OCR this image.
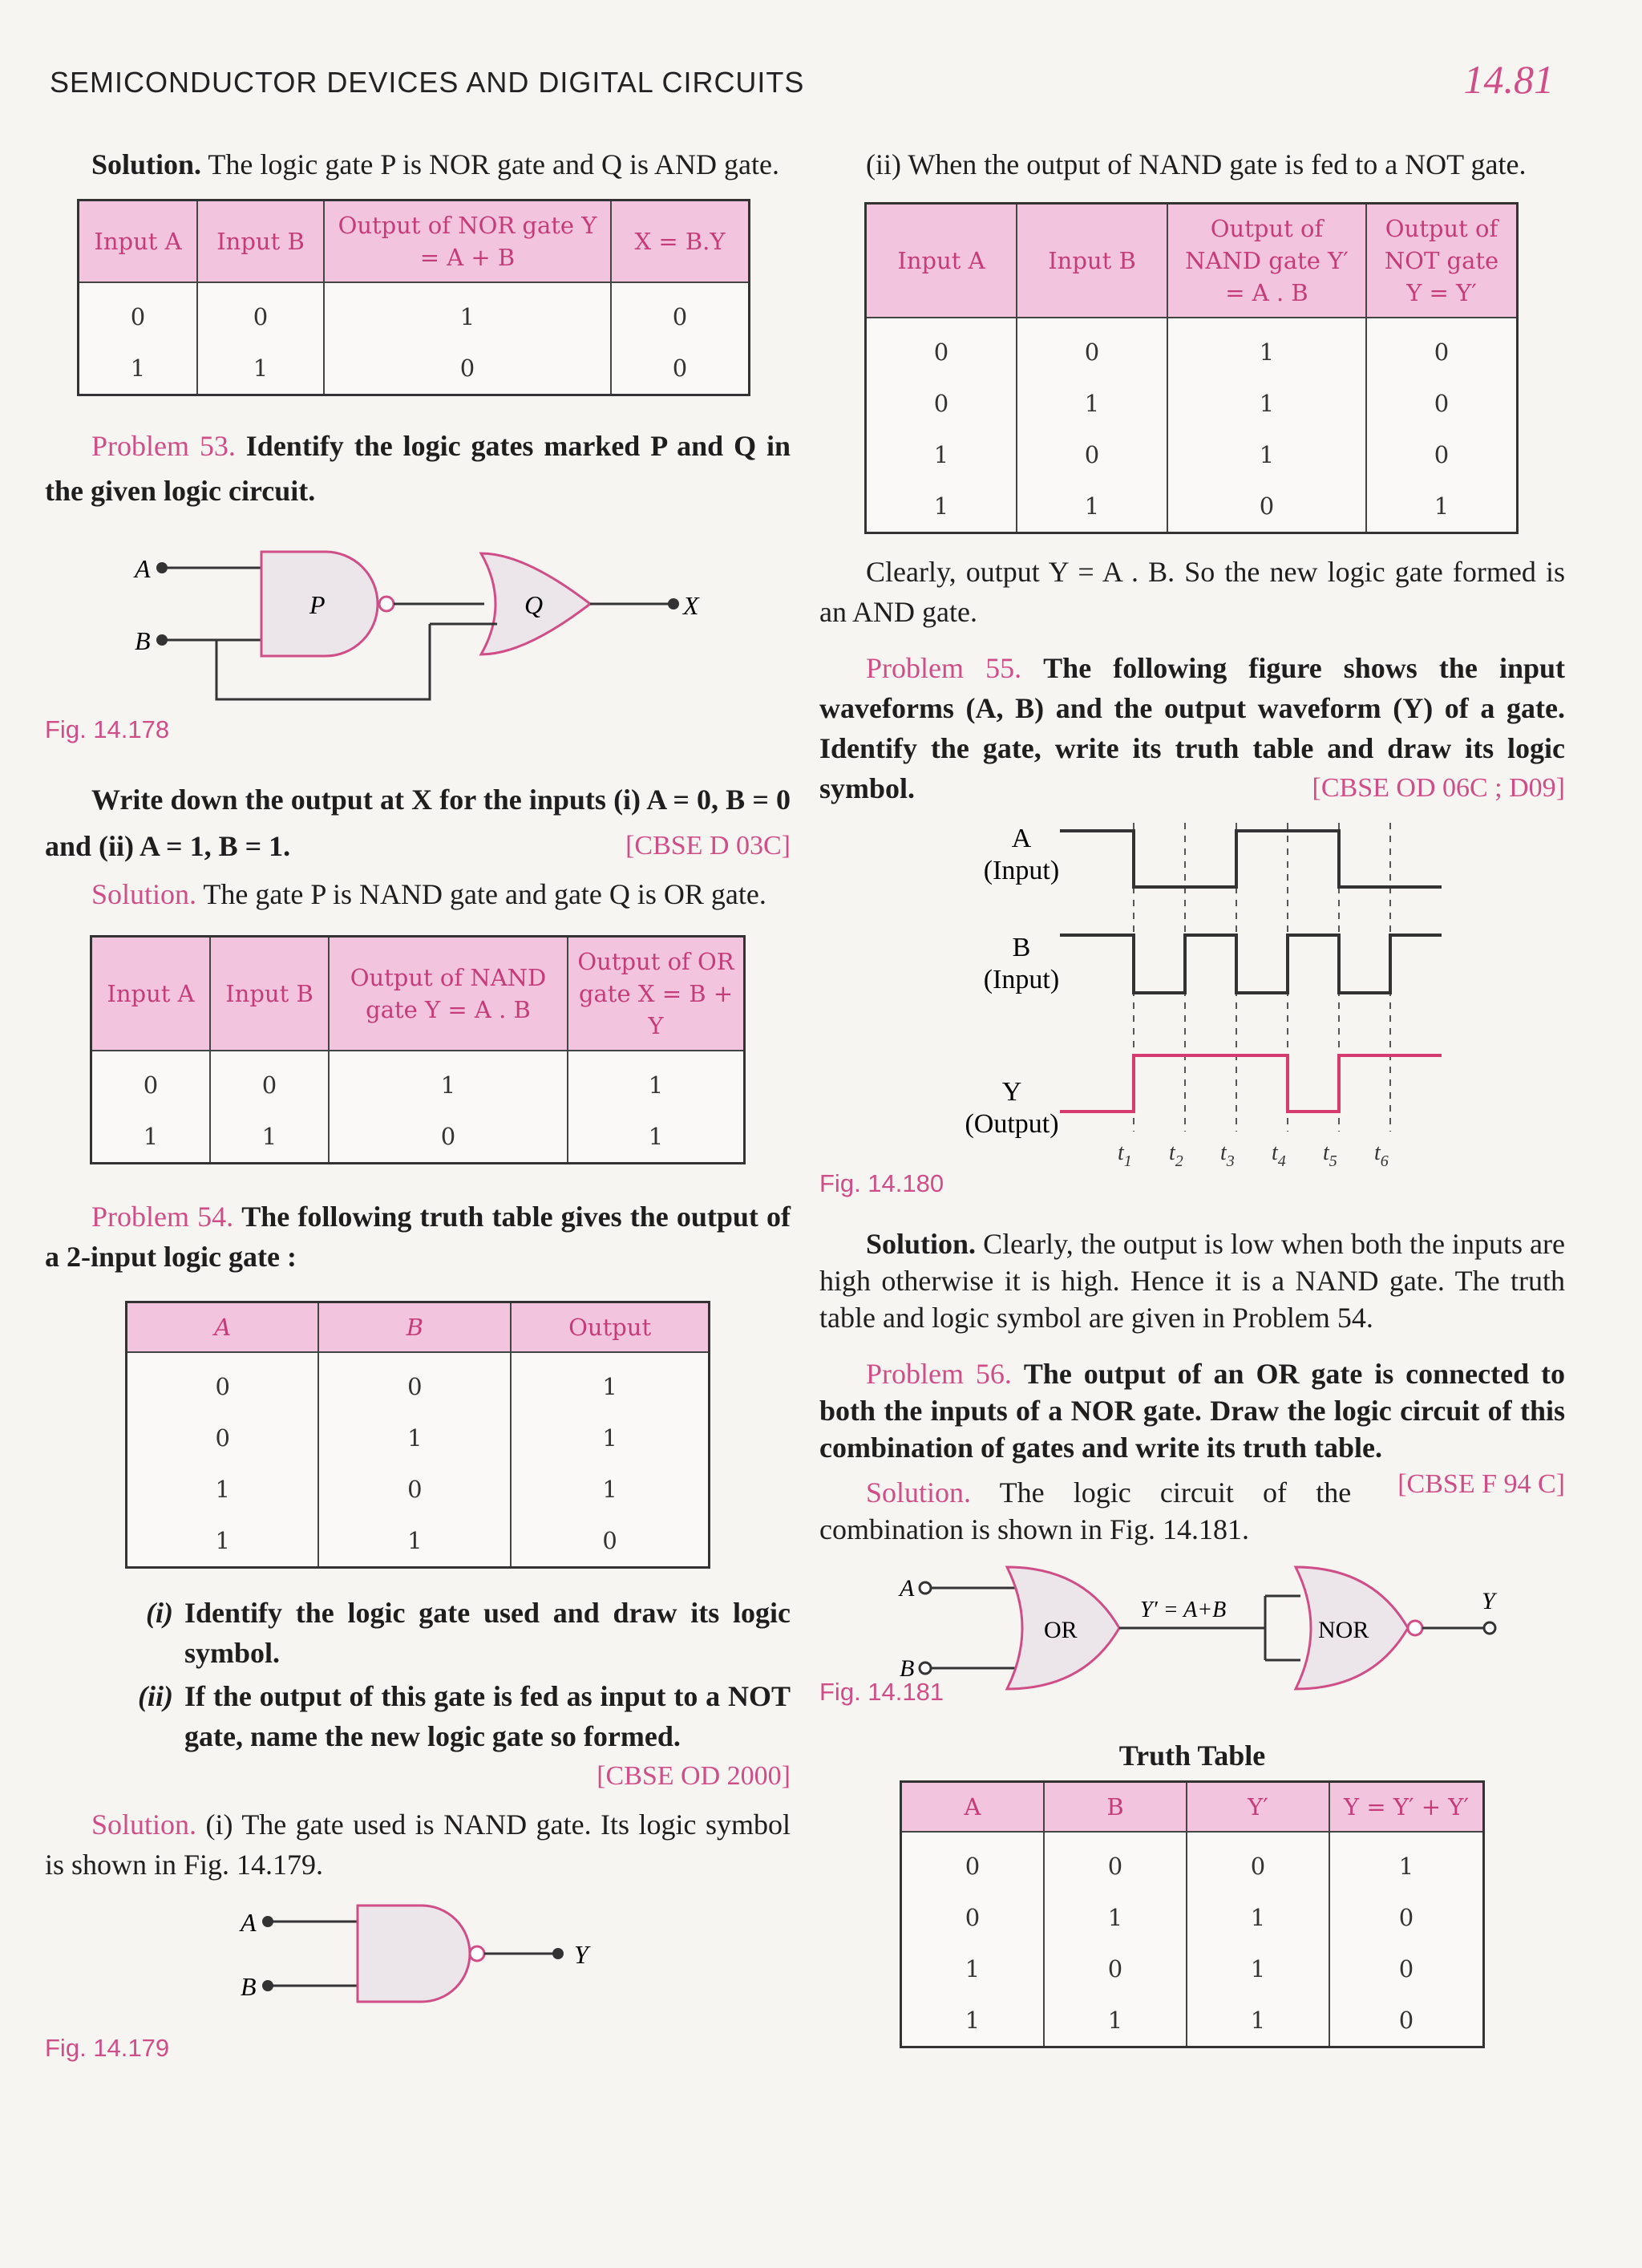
SEMICONDUCTOR DEVICES AND DIGITAL CIRCUITS	14.81

Solution. The logic gate P is NOR gate and Q is AND gate.

Input A	Input B	Output of NOR gate Y = A + B	X = B.Y
0	0	1	0
1	1	0	0

Problem 53. Identify the logic gates marked P and Q in the given logic circuit.

A
B
P	Q	X
Fig. 14.178

Write down the output at X for the inputs (i) A = 0, B = 0 and (ii) A = 1, B = 1.	[CBSE D 03C]

Solution. The gate P is NAND gate and gate Q is OR gate.

Input A	Input B	Output of NAND gate Y = A . B	Output of OR gate X = B + Y
0	0	1	1
1	1	0	1

Problem 54. The following truth table gives the output of a 2-input logic gate :

A	B	Output
0	0	1
0	1	1
1	0	1
1	1	0
(i) Identify the logic gate used and draw its logic symbol.
(ii) If the output of this gate is fed as input to a NOT gate, name the new logic gate so formed.
[CBSE OD 2000]

Solution. (i) The gate used is NAND gate. Its logic symbol is shown in Fig. 14.179.

A
B
Y
Fig. 14.179

(ii) When the output of NAND gate is fed to a NOT gate.

Input A	Input B	Output of NAND gate Y′ = A . B	Output of NOT gate Y = Y′
0	0	1	0
0	1	1	0
1	0	1	0
1	1	0	1

Clearly, output Y = A . B. So the new logic gate formed is an AND gate.

Problem 55. The following figure shows the input waveforms (A, B) and the output waveform (Y) of a gate. Identify the gate, write its truth table and draw its logic symbol.	[CBSE OD 06C ; D09]

A
(Input)
B
(Input)
Y
(Output)
$t_1$ $t_2$ $t_3$ $t_4$ $t_5$ $t_6$
Fig. 14.180

Solution. Clearly, the output is low when both the inputs are high otherwise it is high. Hence it is a NAND gate. The truth table and logic symbol are given in Problem 54.

Problem 56. The output of an OR gate is connected to both the inputs of a NOR gate. Draw the logic circuit of this combination of gates and write its truth table.
[CBSE F 94 C]

Solution. The logic circuit of the combination is shown in Fig. 14.181.

A
B
OR
Y′ = A+B
NOR
Y
Fig. 14.181
Truth Table
A	B	Y′	Y = Y′ + Y′
0	0	0	1
0	1	1	0
1	0	1	0
1	1	1	0
